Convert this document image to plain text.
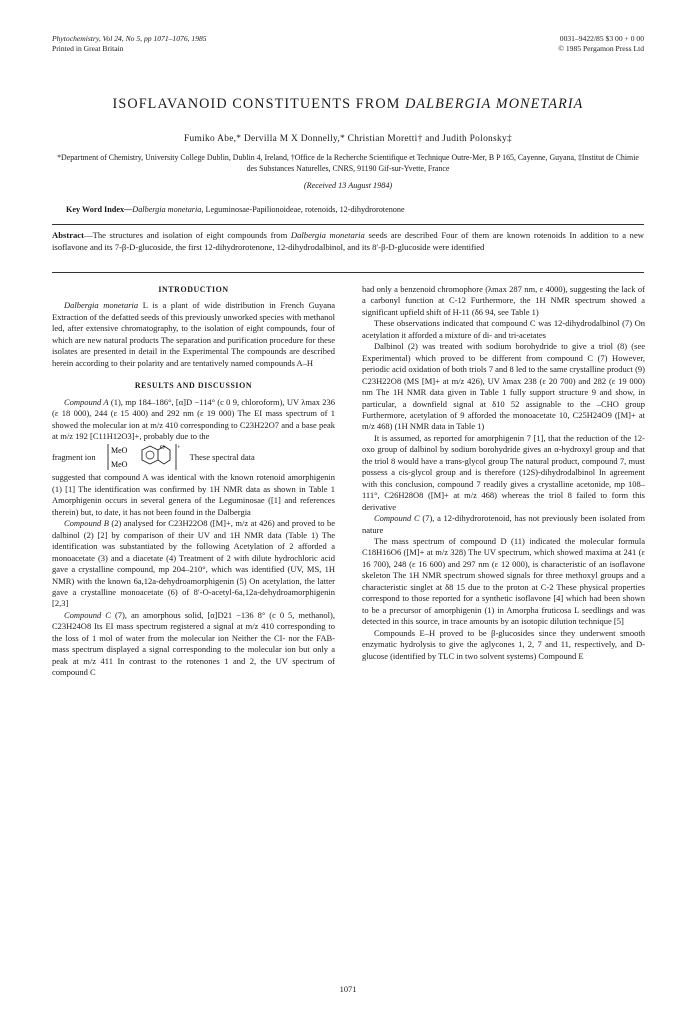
Phytochemistry, Vol 24, No 5, pp 1071–1076, 1985
Printed in Great Britain
0031–9422/85 $3 00 + 0 00
© 1985 Pergamon Press Ltd
ISOFLAVANOID CONSTITUENTS FROM DALBERGIA MONETARIA
Fumiko Abe,* Dervilla M X Donnelly,* Christian Moretti† and Judith Polonsky‡
*Department of Chemistry, University College Dublin, Dublin 4, Ireland, †Office de la Recherche Scientifique et Technique Outre-Mer, B P 165, Cayenne, Guyana, ‡Institut de Chimie des Substances Naturelles, CNRS, 91190 Gif-sur-Yvette, France
(Received 13 August 1984)
Key Word Index—Dalbergia monetaria, Leguminosae-Papilionoideae, rotenoids, 12-dihydrorotenone
Abstract—The structures and isolation of eight compounds from Dalbergia monetaria seeds are described Four of them are known rotenoids In addition to a new isoflavone and its 7-β-D-glucoside, the first 12-dihydrorotenone, 12-dihydrodalbinol, and its 8′-β-D-glucoside were identified
INTRODUCTION

Dalbergia monetaria L is a plant of wide distribution in French Guyana Extraction of the defatted seeds of this previously unworked species with methanol led, after extensive chromatography, to the isolation of eight compounds, four of which are new natural products The separation and purification procedure for these isolates are presented in detail in the Experimental The compounds are described herein according to their polarity and are tentatively named compounds A–H

RESULTS AND DISCUSSION

Compound A (1), mp 184–186°, [α]D −114° (c 0 9, chloroform), UV λmax 236 (ε 18 000), 244 (ε 15 400) and 292 nm (ε 19 000) The EI mass spectrum of 1 showed the molecular ion at m/z 410 corresponding to C23H22O7 and a base peak at m/z 192 [C11H12O3]+, probably due to the

fragment ion
MeO
MeO
O +
These spectral data

suggested that compound A was identical with the known rotenoid amorphigenin (1) [1] The identification was confirmed by 1H NMR data as shown in Table 1 Amorphigenin occurs in several genera of the Leguminosae ([1] and references therein) but, to date, it has not been found in the Dalbergia

Compound B (2) analysed for C23H22O8 ([M]+, m/z at 426) and proved to be dalbinol (2) [2] by comparison of their UV and 1H NMR data (Table 1) The identification was substantiated by the following Acetylation of 2 afforded a monoacetate (3) and a diacetate (4) Treatment of 2 with dilute hydrochloric acid gave a crystalline compound, mp 204–210°, which was identified (UV, MS, 1H NMR) with the known 6a,12a-dehydroamorphigenin (5) On acetylation, the latter gave a crystalline monoacetate (6) of 8′-O-acetyl-6a,12a-dehydroamorphigenin [2,3]

Compound C (7), an amorphous solid, [α]D21 −136 8° (c 0 5, methanol), C23H24O8 Its EI mass spectrum registered a signal at m/z 410 corresponding to the loss of 1 mol of water from the molecular ion Neither the CI- nor the FAB-mass spectrum displayed a signal corresponding to the molecular ion but only a peak at m/z 411 In contrast to the rotenones 1 and 2, the UV spectrum of compound C

had only a benzenoid chromophore (λmax 287 nm, ε 4000), suggesting the lack of a carbonyl function at C-12 Furthermore, the 1H NMR spectrum showed a significant upfield shift of H-11 (δ6 94, see Table 1)

These observations indicated that compound C was 12-dihydrodalbinol (7) On acetylation it afforded a mixture of di- and tri-acetates

Dalbinol (2) was treated with sodium borohydride to give a triol (8) (see Experimental) which proved to be different from compound C (7) However, periodic acid oxidation of both triols 7 and 8 led to the same crystalline product (9) C23H22O8 (MS [M]+ at m/z 426), UV λmax 238 (ε 20 700) and 282 (ε 19 000) nm The 1H NMR data given in Table 1 fully support structure 9 and show, in particular, a downfield signal at δ10 52 assignable to the –CHO group Furthermore, acetylation of 9 afforded the monoacetate 10, C25H24O9 ([M]+ at m/z 468) (1H NMR data in Table 1)

It is assumed, as reported for amorphigenin 7 [1], that the reduction of the 12-oxo group of dalbinol by sodium borohydride gives an α-hydroxyl group and that the triol 8 would have a trans-glycol group The natural product, compound 7, must possess a cis-glycol group and is therefore (12S)-dihydrodalbinol In agreement with this conclusion, compound 7 readily gives a crystalline acetonide, mp 108–111°, C26H28O8 ([M]+ at m/z 468) whereas the triol 8 failed to form this derivative

Compound C (7), a 12-dihydrorotenoid, has not previously been isolated from nature

The mass spectrum of compound D (11) indicated the molecular formula C18H16O6 ([M]+ at m/z 328) The UV spectrum, which showed maxima at 241 (ε 16 700), 248 (ε 16 600) and 297 nm (ε 12 000), is characteristic of an isoflavone skeleton The 1H NMR spectrum showed signals for three methoxyl groups and a characteristic singlet at δ8 15 due to the proton at C-2 These physical properties correspond to those reported for a synthetic isoflavone [4] which had been shown to be a precursor of amorphigenin (1) in Amorpha fruticosa L seedlings and was detected in this source, in trace amounts by an isotopic dilution technique [5]

Compounds E–H proved to be β-glucosides since they underwent smooth enzymatic hydrolysis to give the aglycones 1, 2, 7 and 11, respectively, and D-glucose (identified by TLC in two solvent systems) Compound E

1071
